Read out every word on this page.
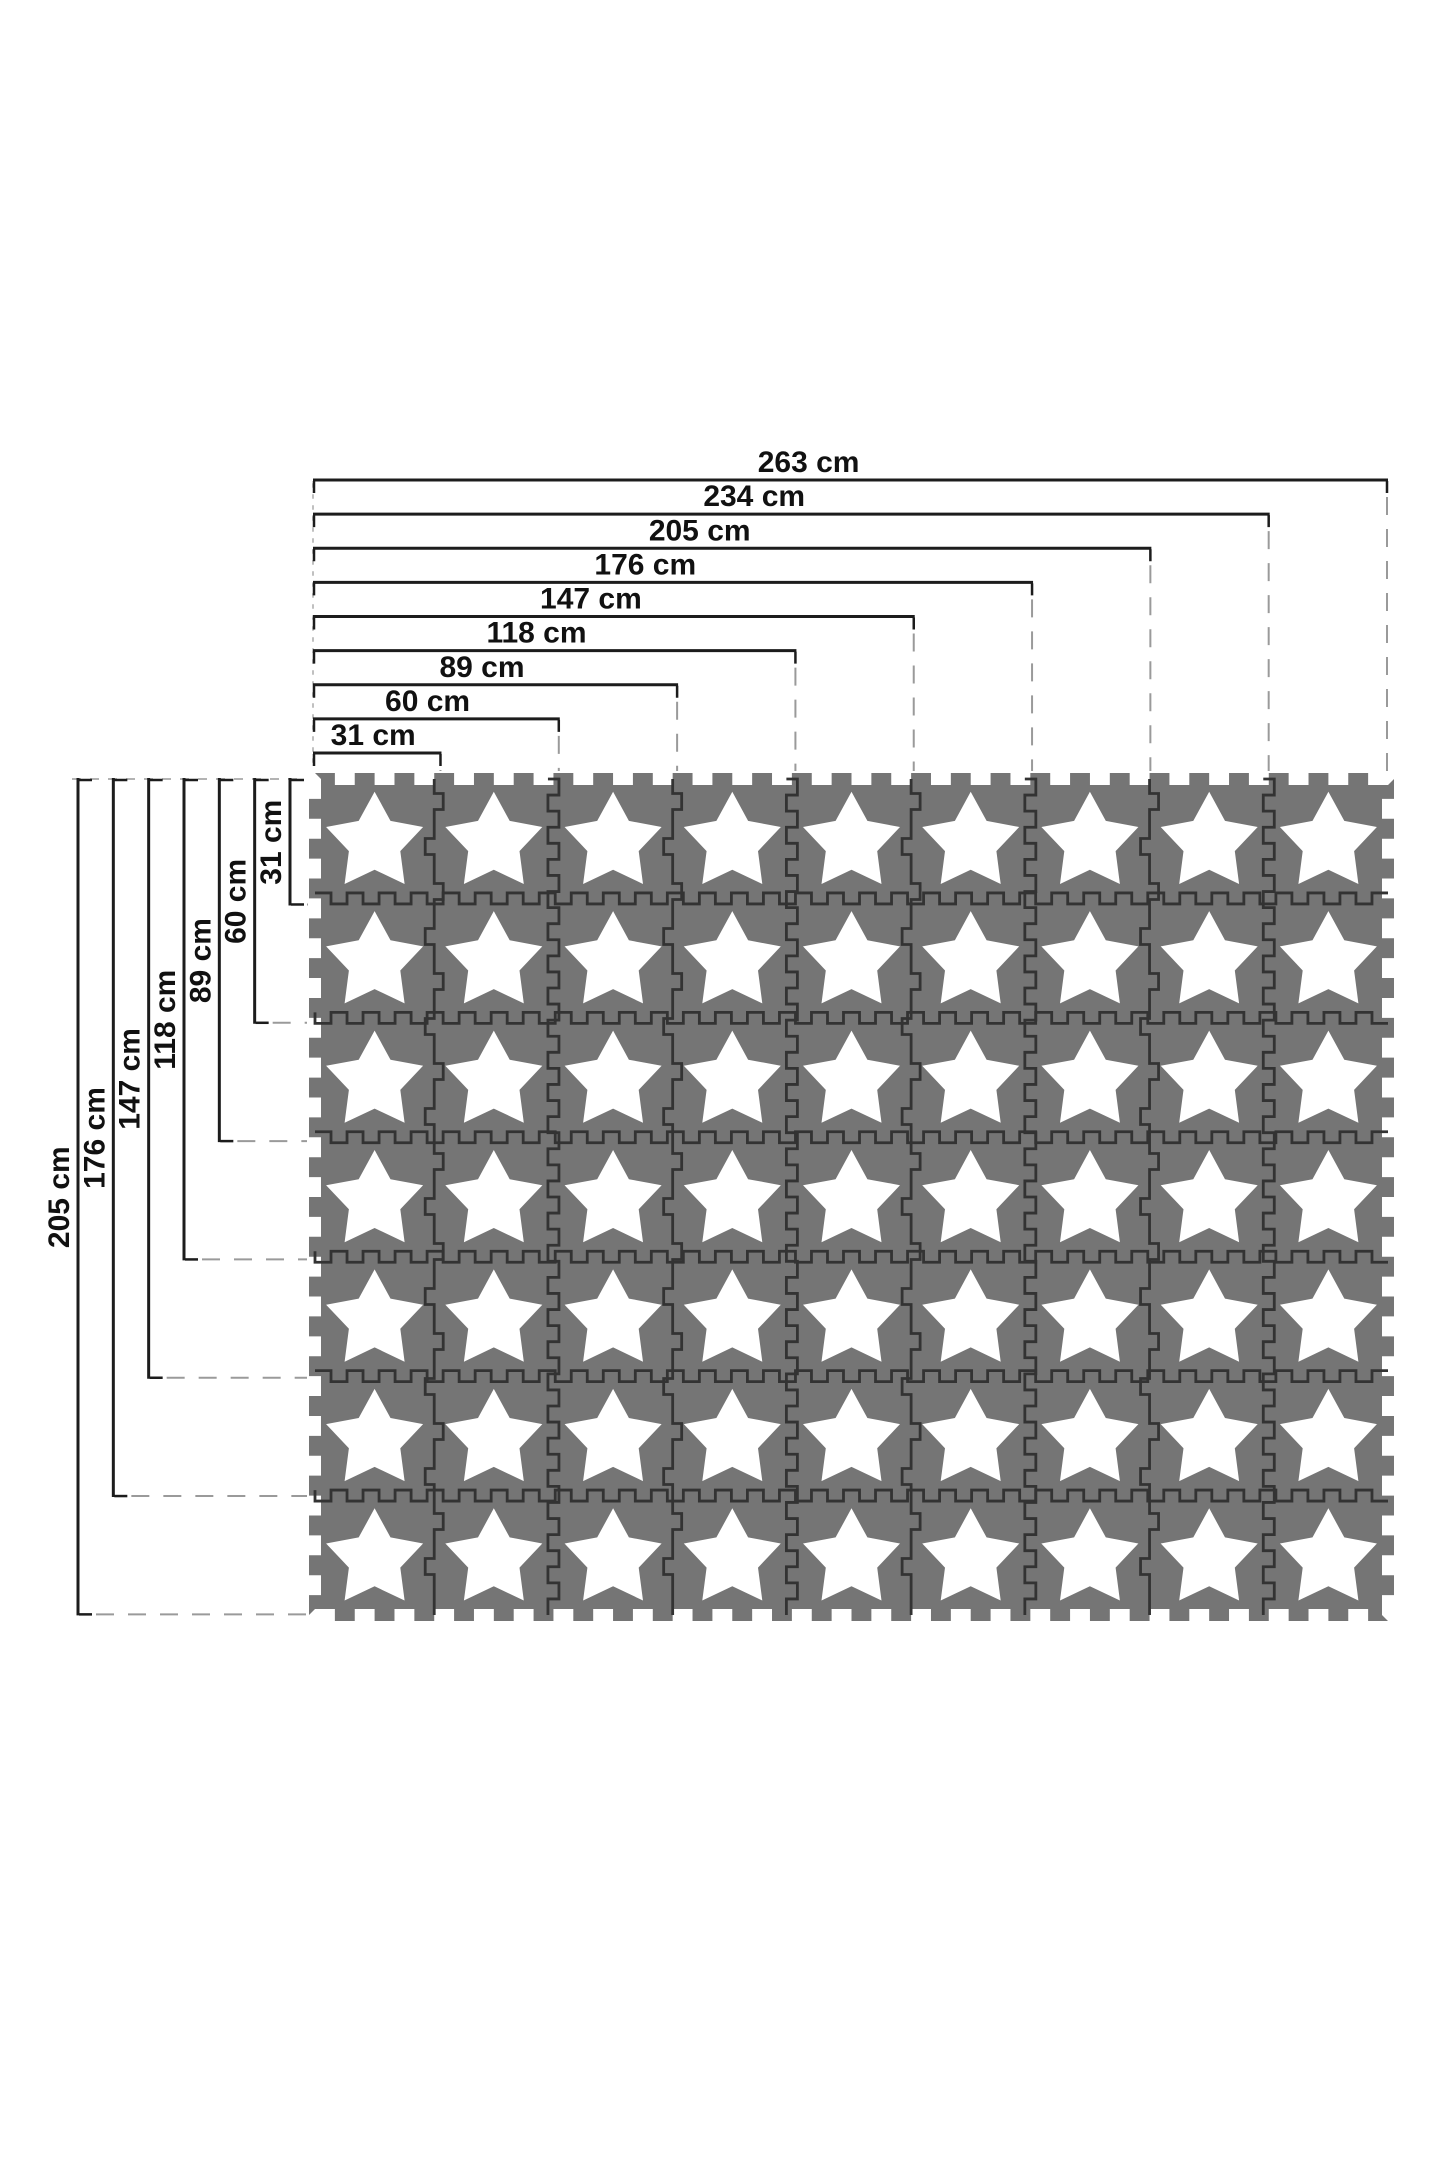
263 cm
234 cm
205 cm
176 cm
147 cm
118 cm
89 cm
60 cm
31 cm
205 cm
176 cm
147 cm
118 cm
89 cm
60 cm
31 cm
